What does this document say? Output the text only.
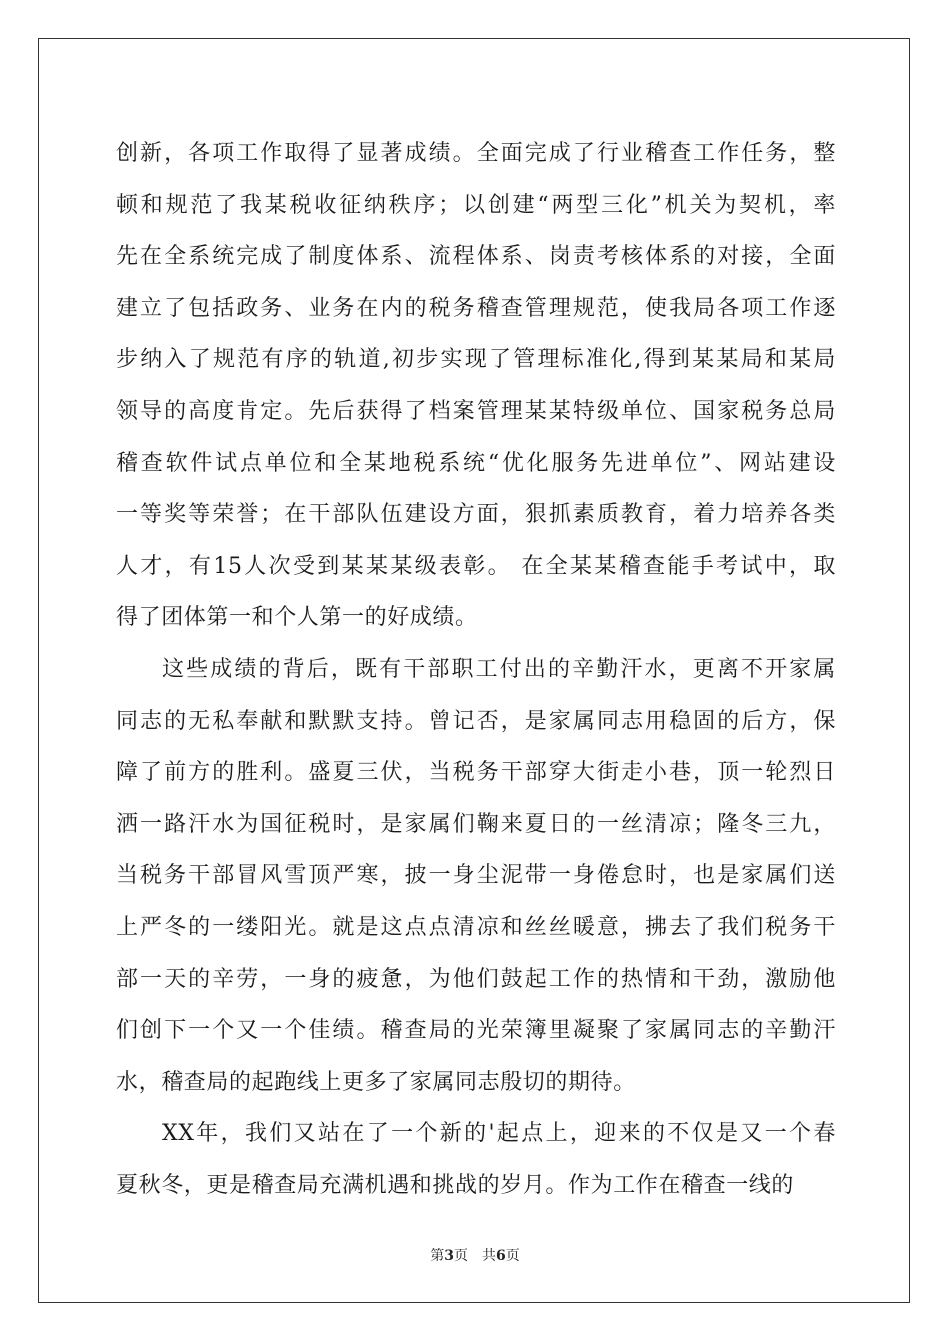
创新，各项工作取得了显著成绩。全面完成了行业稽查工作任务，整
顿和规范了我某税收征纳秩序；以创建“两型三化”机关为契机，率
先在全系统完成了制度体系、流程体系、岗责考核体系的对接，全面
建立了包括政务、业务在内的税务稽查管理规范，使我局各项工作逐
步纳入了规范有序的轨道,初步实现了管理标准化,得到某某局和某局
领导的高度肯定。先后获得了档案管理某某特级单位、国家税务总局
稽查软件试点单位和全某地税系统“优化服务先进单位”、网站建设
一等奖等荣誉；在干部队伍建设方面，狠抓素质教育，着力培养各类
人才，有15人次受到某某某级表彰。 在全某某稽查能手考试中，取
得了团体第一和个人第一的好成绩。
这些成绩的背后，既有干部职工付出的辛勤汗水，更离不开家属
同志的无私奉献和默默支持。曾记否，是家属同志用稳固的后方，保
障了前方的胜利。盛夏三伏，当税务干部穿大街走小巷，顶一轮烈日
洒一路汗水为国征税时，是家属们鞠来夏日的一丝清凉；隆冬三九，
当税务干部冒风雪顶严寒，披一身尘泥带一身倦怠时，也是家属们送
上严冬的一缕阳光。就是这点点清凉和丝丝暖意，拂去了我们税务干
部一天的辛劳，一身的疲惫，为他们鼓起工作的热情和干劲，激励他
们创下一个又一个佳绩。稽查局的光荣簿里凝聚了家属同志的辛勤汗
水，稽查局的起跑线上更多了家属同志殷切的期待。
XX年，我们又站在了一个新的'起点上，迎来的不仅是又一个春
夏秋冬，更是稽查局充满机遇和挑战的岁月。作为工作在稽查一线的
第3页 共6页
